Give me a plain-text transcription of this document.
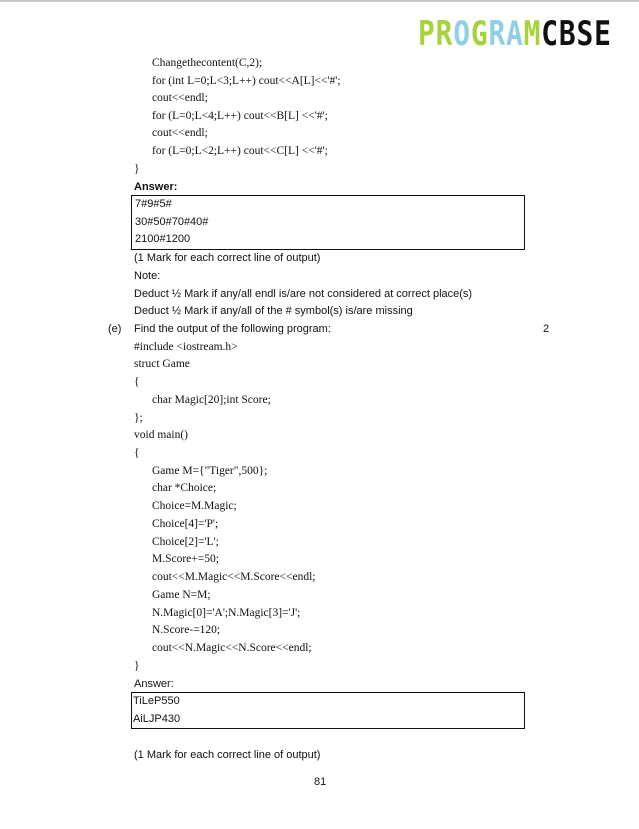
PROGRAMCBSE
Changethecontent(C,2);
for (int L=0;L<3;L++) cout<<A[L]<<'#';
cout<<endl;
for (L=0;L<4;L++) cout<<B[L] <<'#';
cout<<endl;
for (L=0;L<2;L++) cout<<C[L] <<'#';
}
Answer:
7#9#5#
30#50#70#40#
2100#1200
(1 Mark for each correct line of output)
Note:
Deduct ½ Mark if any/all endl is/are not considered at correct place(s)
Deduct ½ Mark if any/all of the # symbol(s) is/are missing
(e) Find the output of the following program:	2
#include <iostream.h>
struct Game
{
char Magic[20];int Score;
};
void main()
{
Game M={"Tiger",500};
char *Choice;
Choice=M.Magic;
Choice[4]='P';
Choice[2]='L';
M.Score+=50;
cout<<M.Magic<<M.Score<<endl;
Game N=M;
N.Magic[0]='A';N.Magic[3]='J';
N.Score-=120;
cout<<N.Magic<<N.Score<<endl;
}
Answer:
TiLeP550
AiLJP430
(1 Mark for each correct line of output)
81
